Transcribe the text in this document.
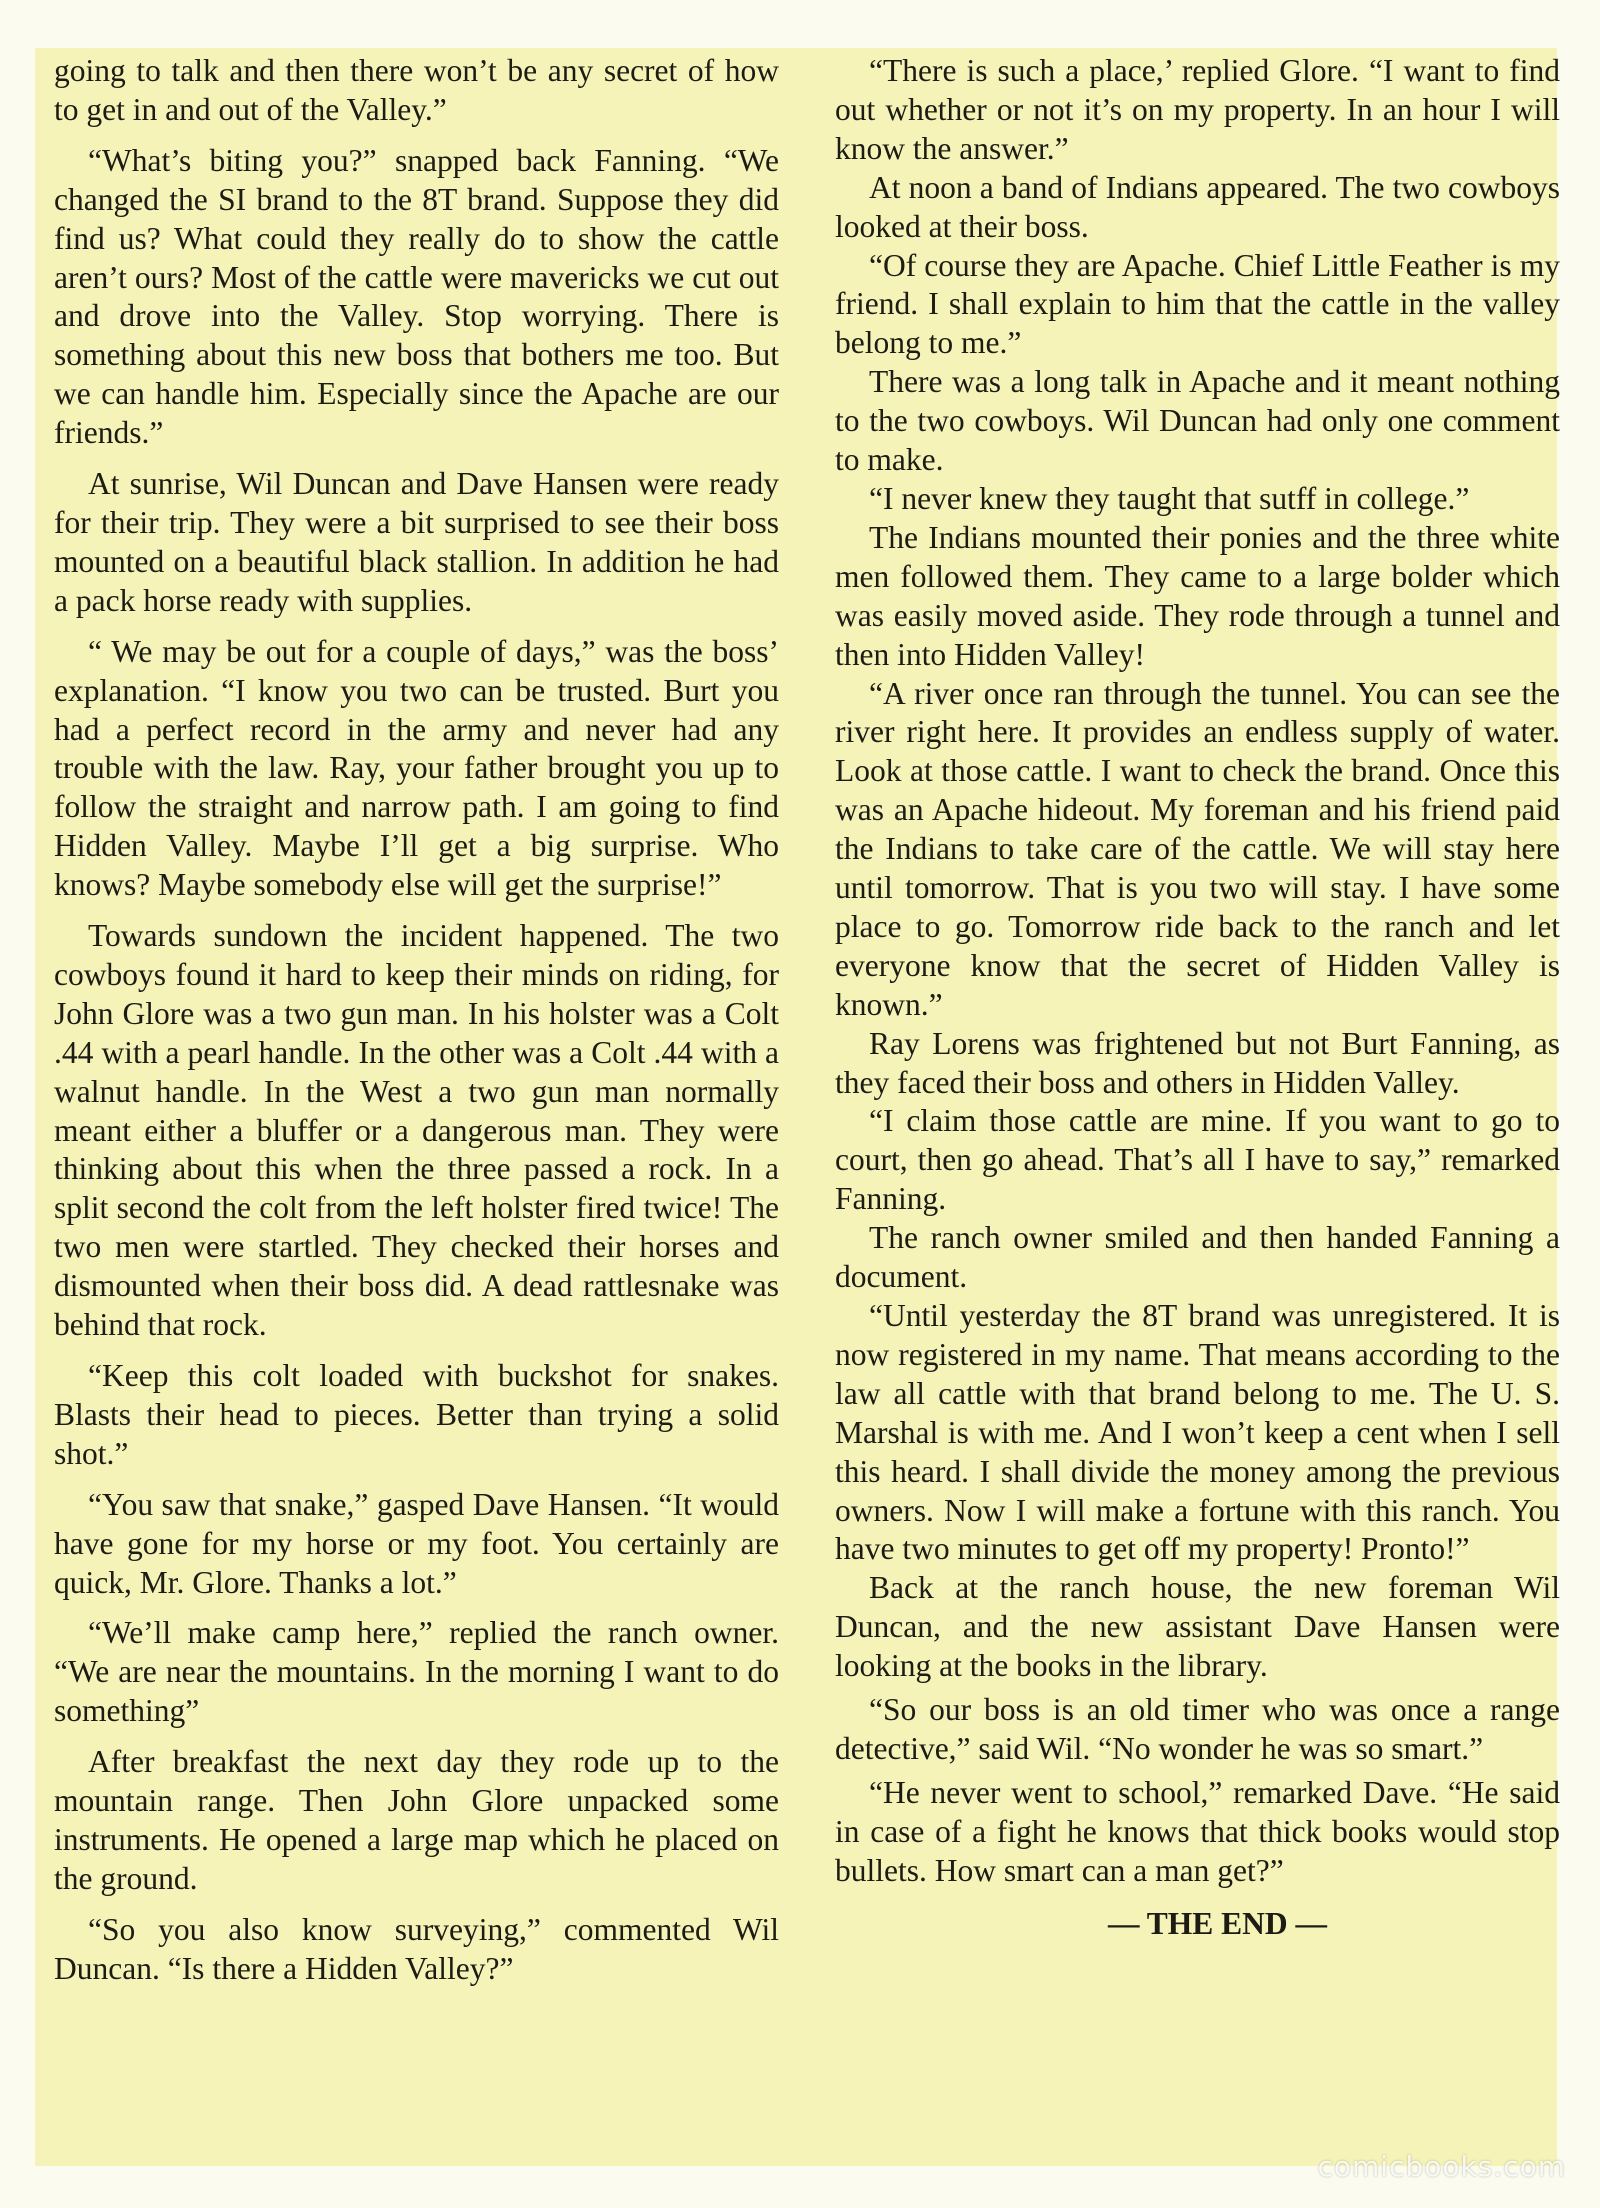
going to talk and then there won’t be any secret of how to get in and out of the Valley.”

“What’s biting you?” snapped back Fanning. “We changed the SI brand to the 8T brand. Suppose they did find us? What could they really do to show the cattle aren’t ours? Most of the cattle were mavericks we cut out and drove into the Valley. Stop worrying. There is something about this new boss that bothers me too. But we can handle him. Especially since the Apache are our friends.”

At sunrise, Wil Duncan and Dave Hansen were ready for their trip. They were a bit surprised to see their boss mounted on a beautiful black stallion. In addition he had a pack horse ready with supplies.

“ We may be out for a couple of days,” was the boss’ explanation. “I know you two can be trusted. Burt you had a perfect record in the army and never had any trouble with the law. Ray, your father brought you up to follow the straight and narrow path. I am going to find Hidden Valley. Maybe I’ll get a big surprise. Who knows? Maybe somebody else will get the surprise!”

Towards sundown the incident happened. The two cowboys found it hard to keep their minds on riding, for John Glore was a two gun man. In his holster was a Colt .44 with a pearl handle. In the other was a Colt .44 with a walnut handle. In the West a two gun man normally meant either a bluffer or a dangerous man. They were thinking about this when the three passed a rock. In a split second the colt from the left holster fired twice! The two men were startled. They checked their horses and dismounted when their boss did. A dead rattlesnake was behind that rock.

“Keep this colt loaded with buckshot for snakes. Blasts their head to pieces. Better than trying a solid shot.”

“You saw that snake,” gasped Dave Hansen. “It would have gone for my horse or my foot. You certainly are quick, Mr. Glore. Thanks a lot.”

“We’ll make camp here,” replied the ranch owner. “We are near the mountains. In the morning I want to do something”

After breakfast the next day they rode up to the mountain range. Then John Glore unpacked some instruments. He opened a large map which he placed on the ground.

“So you also know surveying,” commented Wil Duncan. “Is there a Hidden Valley?”

“There is such a place,’ replied Glore. “I want to find out whether or not it’s on my property. In an hour I will know the answer.”

At noon a band of Indians appeared. The two cowboys looked at their boss.

“Of course they are Apache. Chief Little Feather is my friend. I shall explain to him that the cattle in the valley belong to me.”

There was a long talk in Apache and it meant nothing to the two cowboys. Wil Duncan had only one comment to make.

“I never knew they taught that sutff in college.”

The Indians mounted their ponies and the three white men followed them. They came to a large bolder which was easily moved aside. They rode through a tunnel and then into Hidden Valley!

“A river once ran through the tunnel. You can see the river right here. It provides an endless supply of water. Look at those cattle. I want to check the brand. Once this was an Apache hideout. My foreman and his friend paid the Indians to take care of the cattle. We will stay here until tomorrow. That is you two will stay. I have some place to go. Tomorrow ride back to the ranch and let everyone know that the secret of Hidden Valley is known.”

Ray Lorens was frightened but not Burt Fanning, as they faced their boss and others in Hidden Valley.

“I claim those cattle are mine. If you want to go to court, then go ahead. That’s all I have to say,” remarked Fanning.

The ranch owner smiled and then handed Fanning a document.

“Until yesterday the 8T brand was unregistered. It is now registered in my name. That means according to the law all cattle with that brand belong to me. The U. S. Marshal is with me. And I won’t keep a cent when I sell this heard. I shall divide the money among the previous owners. Now I will make a fortune with this ranch. You have two minutes to get off my property! Pronto!”

Back at the ranch house, the new foreman Wil Duncan, and the new assistant Dave Hansen were looking at the books in the library.

“So our boss is an old timer who was once a range detective,” said Wil. “No wonder he was so smart.”

“He never went to school,” remarked Dave. “He said in case of a fight he knows that thick books would stop bullets. How smart can a man get?”

— THE END —

comicbooks.com
